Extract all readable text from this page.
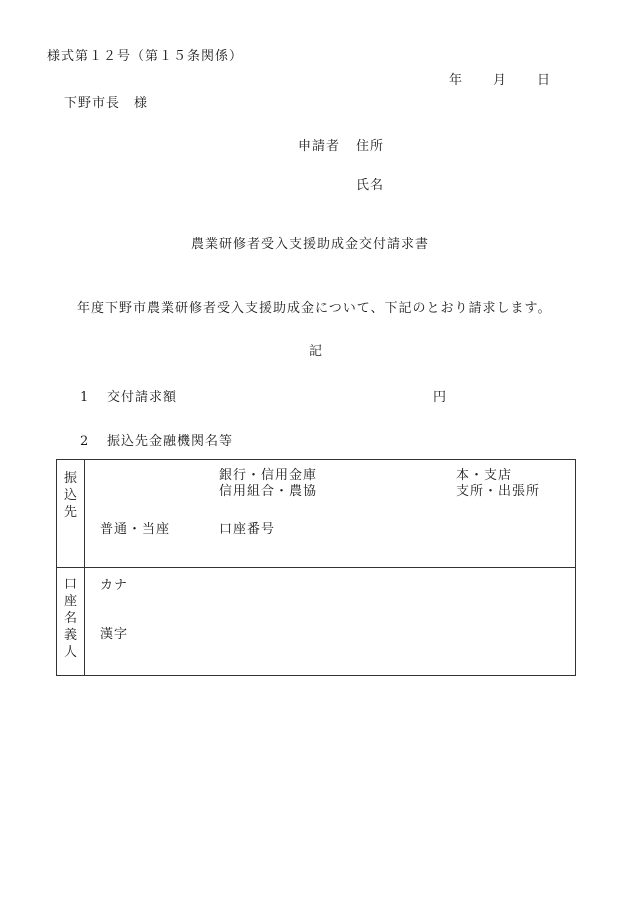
様式第１２号（第１５条関係）
年 月 日
下野市長　様
申請者 住所
氏名
農業研修者受入支援助成金交付請求書
年度下野市農業研修者受入支援助成金について、下記のとおり請求します。
記
1 交付請求額	円
2 振込先金融機関名等
振
込
先
銀行・信用金庫
信用組合・農協
本・支店
支所・出張所
普通・当座	口座番号
口
座
名
義
人
カナ
漢字
